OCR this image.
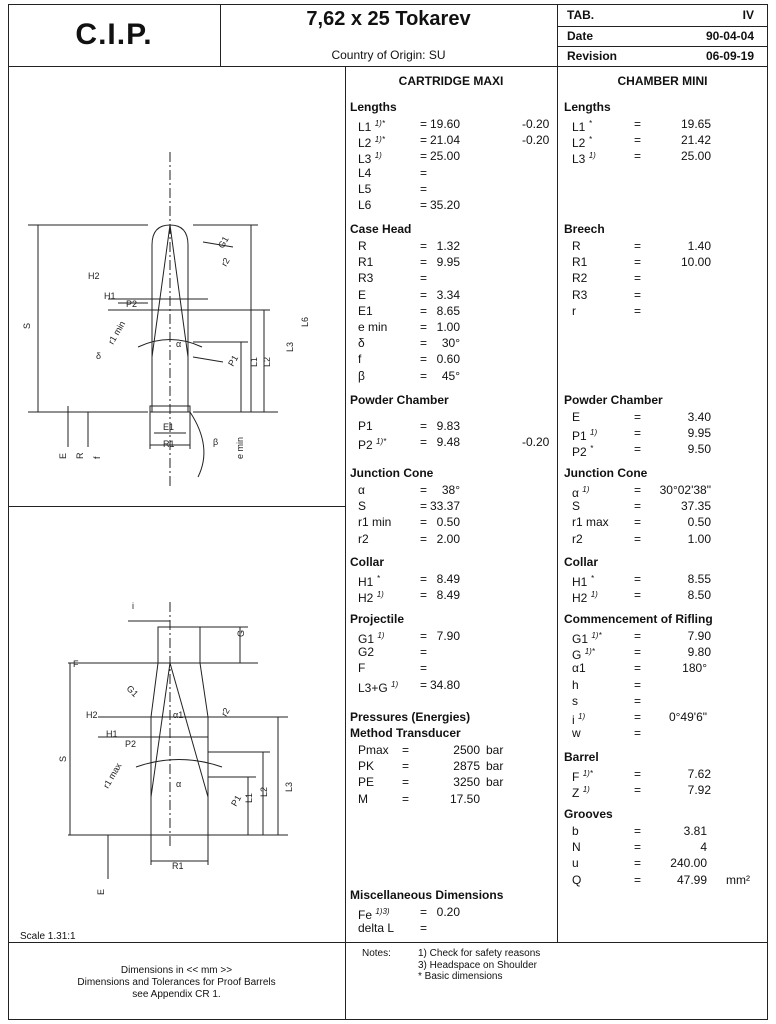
C.I.P.	7,62 x 25 Tokarev
Country of Origin: SU
TAB.	IV
Date	90-04-04
Revision	06-09-19
CARTRIDGE MAXI	CHAMBER MINI
Lengths
L1 $^{1)*}$	= 19.60	-0.20
L2 $^{1)*}$	= 21.04	-0.20
L3 $^{1)}$	= 25.00
L4	=
L5	=
L6	= 35.20
Case Head
R	= 1.32
R1	= 9.95
R3	=
E	= 3.34
E1	= 8.65
e min	= 1.00
δ	= 30°
f	= 0.60
β	= 45°
Powder Chamber
P1	= 9.83
P2 $^{1)*}$	= 9.48	-0.20
Junction Cone
α	= 38°
S	= 33.37
r1 min = 0.50
r2	= 2.00
Collar
H1 *	= 8.49
H2 $^{1)}$	= 8.49
Projectile
G1 $^{1)}$	= 7.90
G2	=
F	=
L3+G $^{1)}$ = 34.80
Pressures (Energies)
Method Transducer
Pmax =	2500 bar
PK =	2875 bar
PE =	3250 bar
M	=	17.50
Miscellaneous Dimensions
Fe $^{1)3)}$	= 0.20
delta L =
Lengths
L1 *	=	19.65
L2 *	=	21.42
L3 $^{1)}$	=	25.00
Breech
R	=	1.40
R1	=	10.00
R2	=
R3	=
r	=
Powder Chamber
E	=	3.40
P1 $^{1)}$	=	9.95
P2 *	=	9.50
Junction Cone
α $^{1)}$	= 30°02'38"
S	=	37.35
r1 max =	0.50
r2	=	1.00
Collar
H1 *	=	8.55
H2 $^{1)}$	=	8.50
Commencement of Rifling
G1 $^{1)*}$	=	7.90
G $^{1)*}$	=	9.80
α1	=	180°
h	=
s	=
i $^{1)}$	= 0°49'6"
w	=
Barrel
F $^{1)*}$	=	7.62
Z $^{1)}$	=	7.92
Grooves
b	=	3.81
N	=	4
u	= 240.00
Q	=	47.99 mm²
G1
r2
H2
H1
P2
r1 min
δ
α
P1 L1 L2
L3
L6
S
E1
R1	β e min
E R f
i
G
F
G1
r2
H2	α1
H1
P2
r1 max	α
P1 L1
L2 L3
S
R1
E
Scale 1.31:1
Dimensions in << mm >>
Dimensions and Tolerances for Proof Barrels
see Appendix CR 1.
Notes:	1) Check for safety reasons
3) Headspace on Shoulder
* Basic dimensions
